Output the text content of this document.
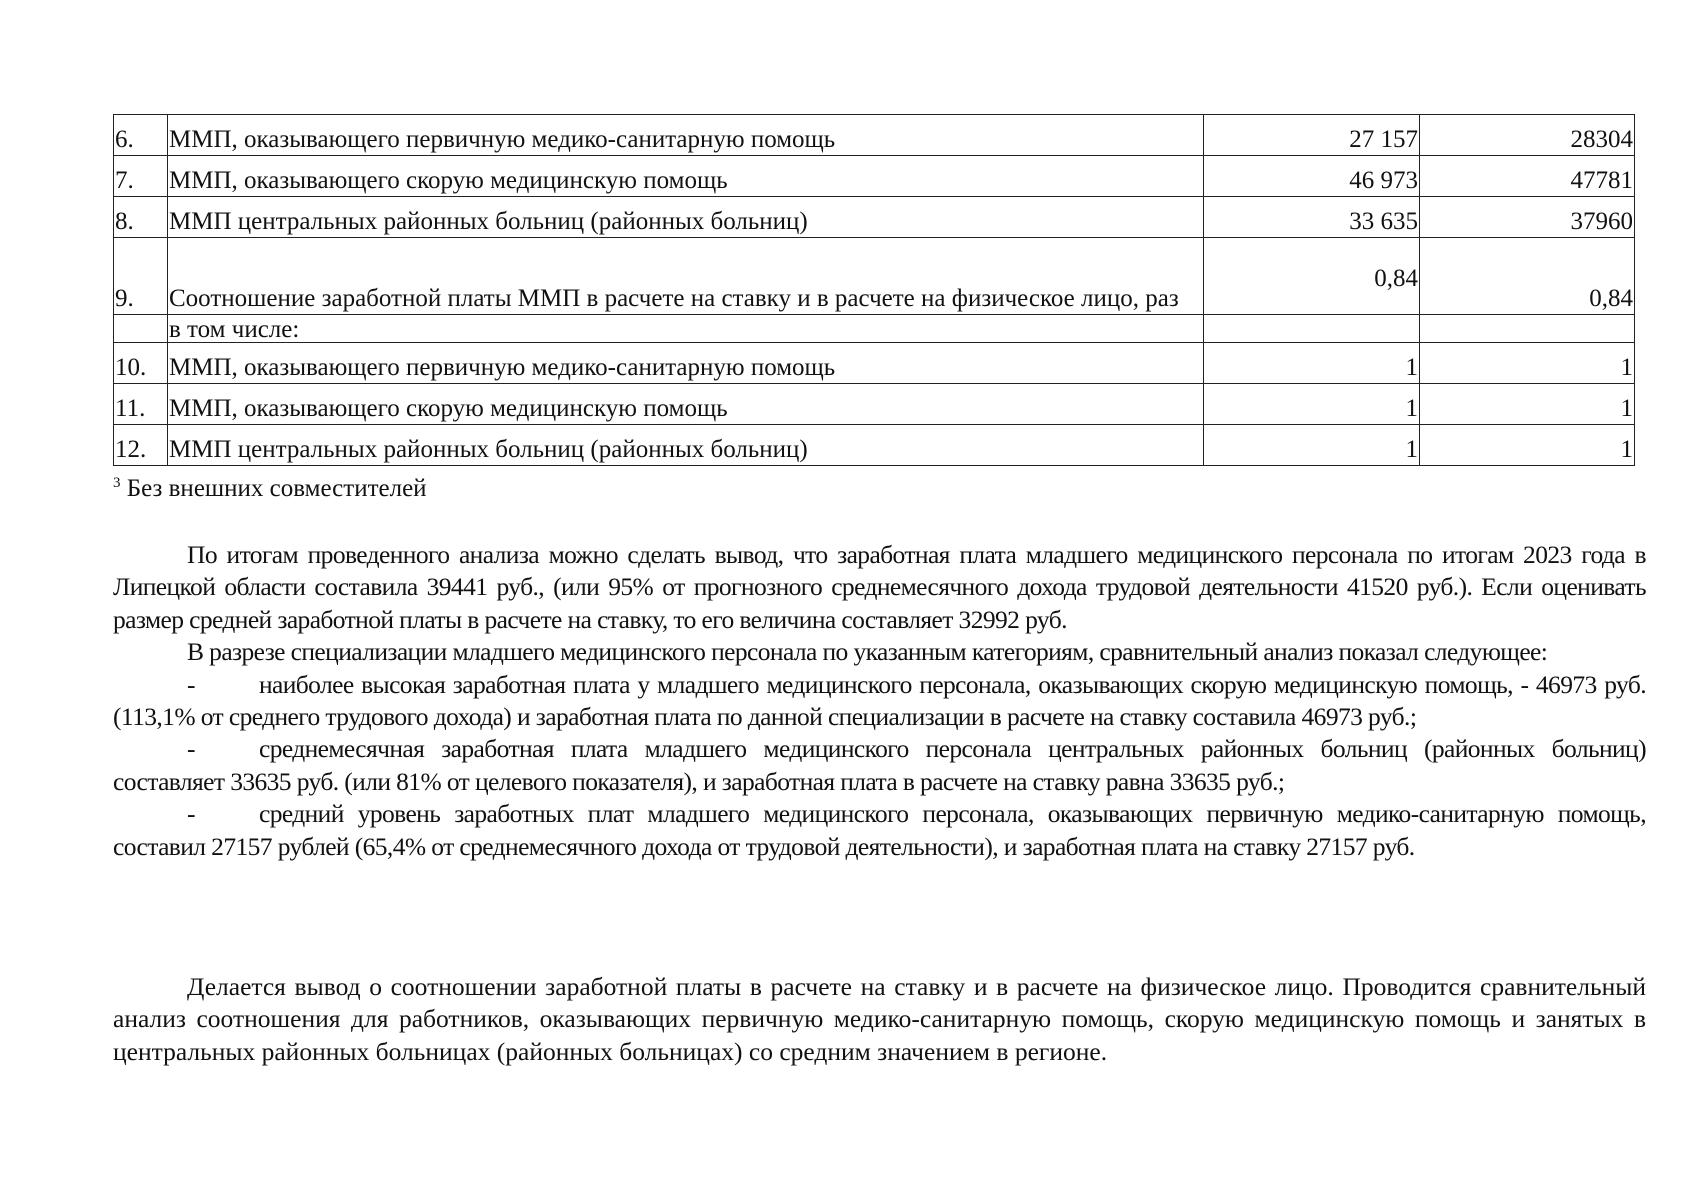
6.	ММП, оказывающего первичную медико-санитарную помощь	27 157	28304
7.	ММП, оказывающего скорую медицинскую помощь	46 973	47781
8.	ММП центральных районных больниц (районных больниц)	33 635	37960
9.	Соотношение заработной платы ММП в расчете на ставку и в расчете на физическое лицо, раз	0,84	0,84
	в том числе:		
10.	ММП, оказывающего первичную медико-санитарную помощь	1	1
11.	ММП, оказывающего скорую медицинскую помощь	1	1
12.	ММП центральных районных больниц (районных больниц)	1	1
$^3$ Без внешних совместителей

По итогам проведенного анализа можно сделать вывод, что заработная плата младшего медицинского персонала по итогам 2023 года в Липецкой области составила 39441 руб., (или 95% от прогнозного среднемесячного дохода трудовой деятельности 41520 руб.). Если оценивать размер средней заработной платы в расчете на ставку, то его величина составляет 32992 руб.

В разрезе специализации младшего медицинского персонала по указанным категориям, сравнительный анализ показал следующее:

-	наиболее высокая заработная плата у младшего медицинского персонала, оказывающих скорую медицинскую помощь, - 46973 руб. (113,1% от среднего трудового дохода) и заработная плата по данной специализации в расчете на ставку составила 46973 руб.;

-	среднемесячная заработная плата младшего медицинского персонала центральных районных больниц (районных больниц) составляет 33635 руб. (или 81% от целевого показателя), и заработная плата в расчете на ставку равна 33635 руб.;

-	средний уровень заработных плат младшего медицинского персонала, оказывающих первичную медико-санитарную помощь, составил 27157 рублей (65,4% от среднемесячного дохода от трудовой деятельности), и заработная плата на ставку 27157 руб.

Делается вывод о соотношении заработной платы в расчете на ставку и в расчете на физическое лицо. Проводится сравнительный анализ соотношения для работников, оказывающих первичную медико-санитарную помощь, скорую медицинскую помощь и занятых в центральных районных больницах (районных больницах) со средним значением в регионе.
